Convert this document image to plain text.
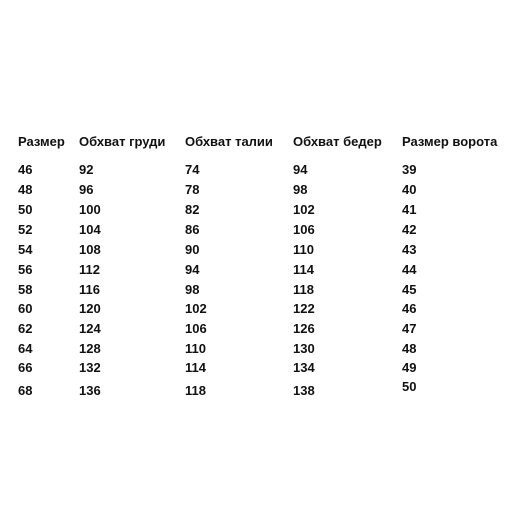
Размер
46
48
50
52
54
56
58
60
62
64
66
68
Обхват груди
92
96
100
104
108
112
116
120
124
128
132
136
Обхват талии
74
78
82
86
90
94
98
102
106
110
114
118
Обхват бедер
94
98
102
106
110
114
118
122
126
130
134
138
Размер ворота
39
40
41
42
43
44
45
46
47
48
49
50
